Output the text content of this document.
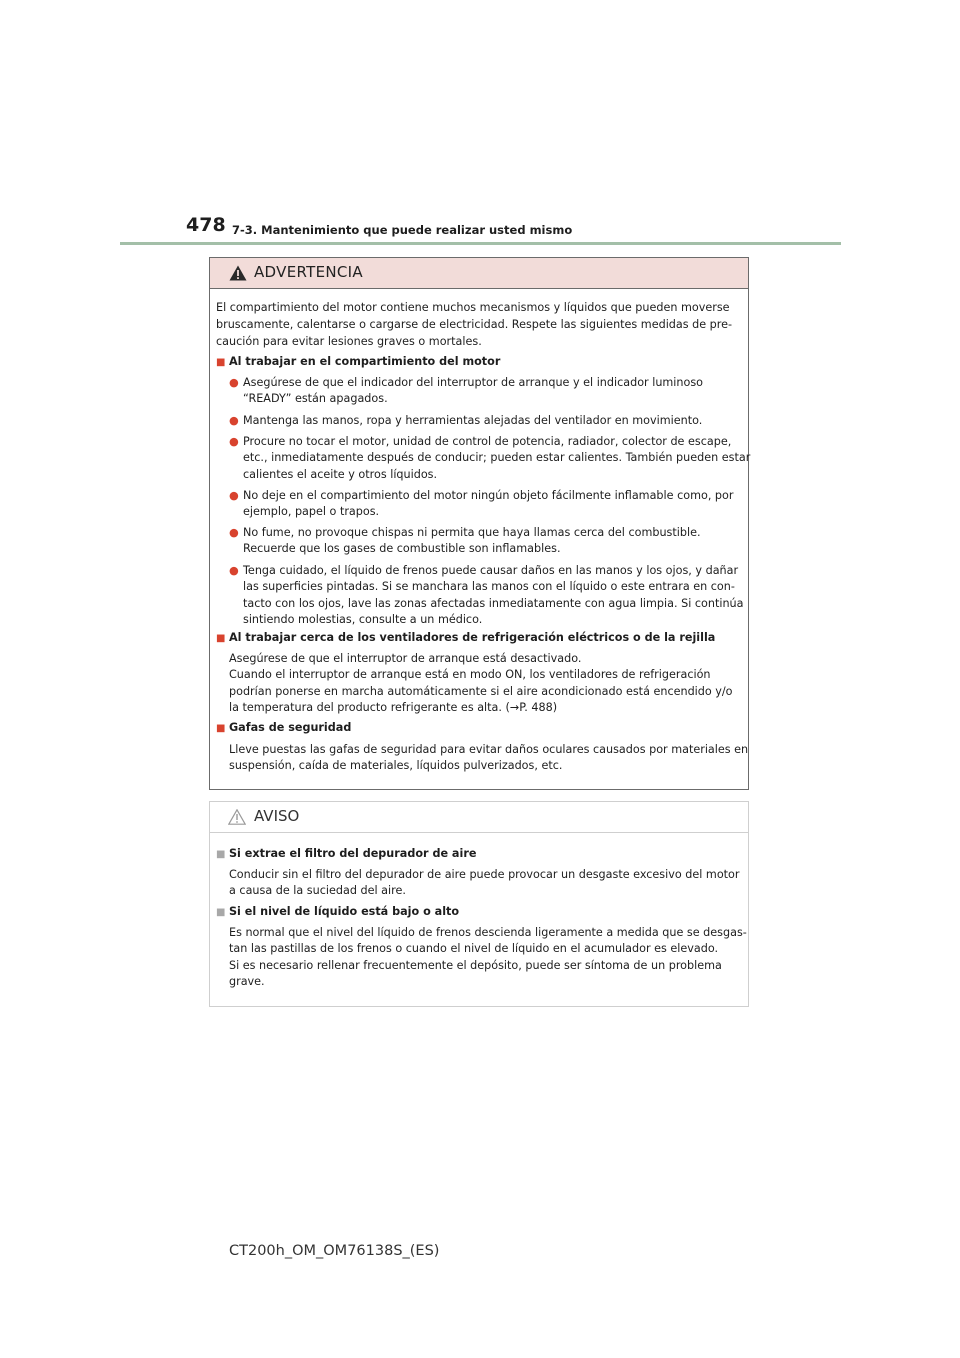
478 7-3. Mantenimiento que puede realizar usted mismo
ADVERTENCIA
El compartimiento del motor contiene muchos mecanismos y líquidos que pueden moverse
bruscamente, calentarse o cargarse de electricidad. Respete las siguientes medidas de pre-
caución para evitar lesiones graves o mortales.
■ Al trabajar en el compartimiento del motor
● Asegúrese de que el indicador del interruptor de arranque y el indicador luminoso
“READY” están apagados.
● Mantenga las manos, ropa y herramientas alejadas del ventilador en movimiento.
● Procure no tocar el motor, unidad de control de potencia, radiador, colector de escape,
etc., inmediatamente después de conducir; pueden estar calientes. También pueden estar
calientes el aceite y otros líquidos.
● No deje en el compartimiento del motor ningún objeto fácilmente inflamable como, por
ejemplo, papel o trapos.
● No fume, no provoque chispas ni permita que haya llamas cerca del combustible.
Recuerde que los gases de combustible son inflamables.
● Tenga cuidado, el líquido de frenos puede causar daños en las manos y los ojos, y dañar
las superficies pintadas. Si se manchara las manos con el líquido o este entrara en con-
tacto con los ojos, lave las zonas afectadas inmediatamente con agua limpia. Si continúa
sintiendo molestias, consulte a un médico.
■ Al trabajar cerca de los ventiladores de refrigeración eléctricos o de la rejilla
Asegúrese de que el interruptor de arranque está desactivado.
Cuando el interruptor de arranque está en modo ON, los ventiladores de refrigeración
podrían ponerse en marcha automáticamente si el aire acondicionado está encendido y/o
la temperatura del producto refrigerante es alta. (→P. 488)
■ Gafas de seguridad
Lleve puestas las gafas de seguridad para evitar daños oculares causados por materiales en
suspensión, caída de materiales, líquidos pulverizados, etc.
AVISO
■ Si extrae el filtro del depurador de aire
Conducir sin el filtro del depurador de aire puede provocar un desgaste excesivo del motor
a causa de la suciedad del aire.
■ Si el nivel de líquido está bajo o alto
Es normal que el nivel del líquido de frenos descienda ligeramente a medida que se desgas-
tan las pastillas de los frenos o cuando el nivel de líquido en el acumulador es elevado.
Si es necesario rellenar frecuentemente el depósito, puede ser síntoma de un problema
grave.
CT200h_OM_OM76138S_(ES)
